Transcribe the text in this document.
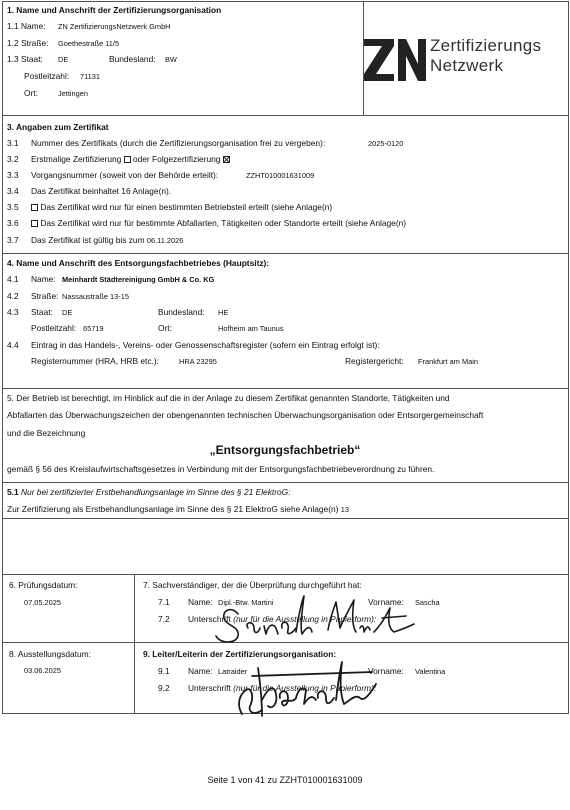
1. Name und Anschrift der Zertifizierungsorganisation
1.1 Name: ZN ZertifizierungsNetzwerk GmbH
1.2 Straße: Goethestraße 11/5
1.3 Staat: DE	Bundesland: BW
Postleitzahl: 71131
Ort:	Jettingen
Zertifizierungs
Netzwerk
3. Angaben zum Zertifikat
3.1 Nummer des Zertifikats (durch die Zertifizierungsorganisation frei zu vergeben):	2025-0120
3.2 Erstmalige Zertifizierung oder Folgezertifizierung
3.3 Vorgangsnummer (soweit von der Behörde erteilt):	ZZHT010001631009
3.4 Das Zertifikat beinhaltet 16 Anlage(n).
3.5	Das Zertifikat wird nur für einen bestimmten Betriebsteil erteilt (siehe Anlage(n)
3.6	Das Zertifikat wird nur für bestimmte Abfallarten, Tätigkeiten oder Standorte erteilt (siehe Anlage(n)
3.7 Das Zertifikat ist gültig bis zum 06.11.2026
4. Name und Anschrift des Entsorgungsfachbetriebes (Hauptsitz):
4.1 Name: Meinhardt Städtereinigung GmbH & Co. KG
4.2 Straße: Nassaustraße 13-15
4.3 Staat: DE	Bundesland: HE
Postleitzahl: 65719	Ort:	Hofheim am Taunus
4.4 Eintrag in das Handels-, Vereins- oder Genossenschaftsregister (sofern ein Eintrag erfolgt ist):
Registernummer (HRA, HRB etc.):	HRA 23295	Registergericht: Frankfurt am Main
5. Der Betrieb ist berechtigt, im Hinblick auf die in der Anlage zu diesem Zertifikat genannten Standorte, Tätigkeiten und
Abfallarten das Überwachungszeichen der obengenannten technischen Überwachungsorganisation oder Entsorgergemeinschaft
und die Bezeichnung
„Entsorgungsfachbetrieb“
gemäß § 56 des Kreislaufwirtschaftsgesetzes in Verbindung mit der Entsorgungsfachbetriebeverordnung zu führen.
5.1 Nur bei zertifizierter Erstbehandlungsanlage im Sinne des § 21 ElektroG:
Zur Zertifizierung als Erstbehandlungsanlage im Sinne des § 21 ElektroG siehe Anlage(n) 13
6. Prüfungsdatum:
07.05.2025
7. Sachverständiger, der die Überprüfung durchgeführt hat:
7.1 Name: Dipl.-Btw. Martini	Vorname: Sascha
7.2 Unterschrift (nur für die Ausstellung in Papierform):
8. Ausstellungsdatum:
03.06.2025
9. Leiter/Leiterin der Zertifizierungsorganisation:
9.1 Name: Latraider	Vorname: Valentina
9.2 Unterschrift (nur für die Ausstellung in Papierform):
Seite 1 von 41 zu ZZHT010001631009
